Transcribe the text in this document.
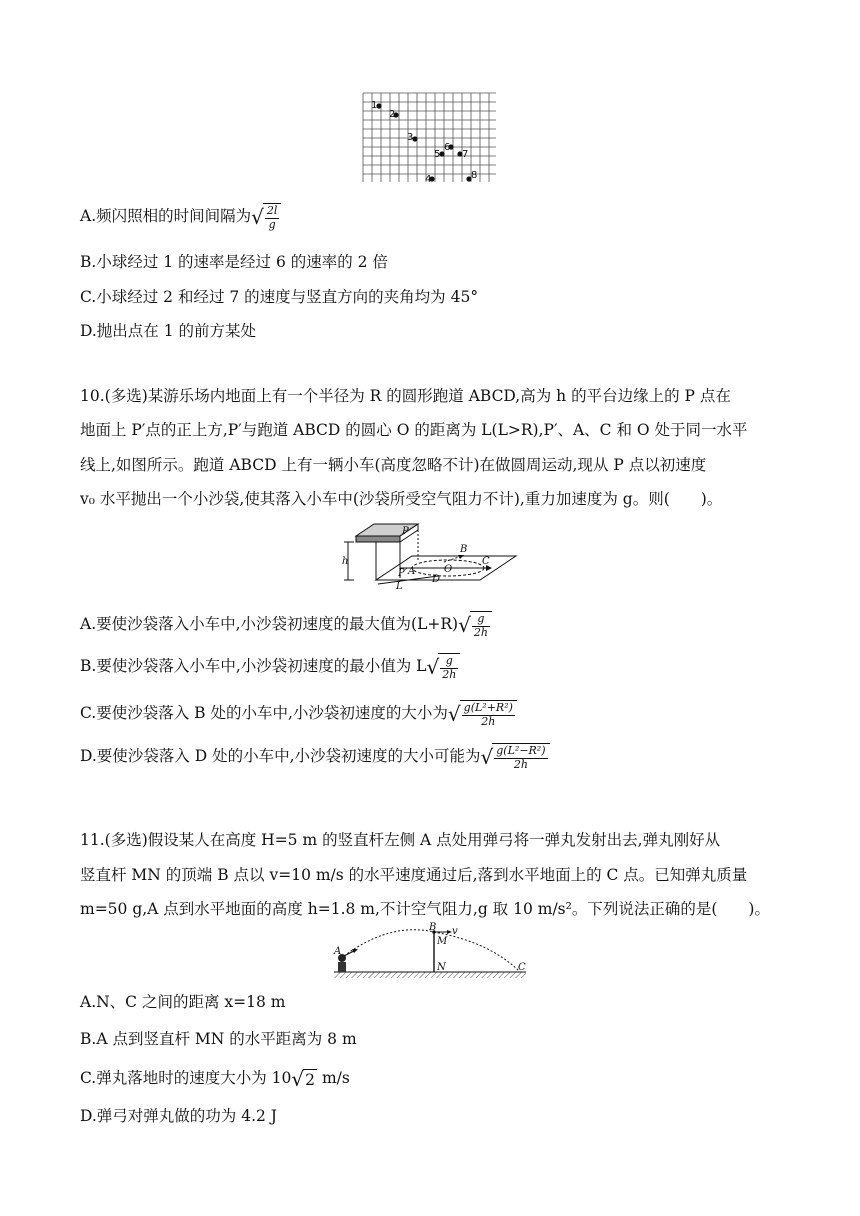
1
2
3
4
5
6
7
8
A.频闪照相的时间间隔为 √ $\frac{2l}{g}$
B.小球经过 1 的速率是经过 6 的速率的 2 倍
C.小球经过 2 和经过 7 的速度与竖直方向的夹角均为 45°
D.抛出点在 1 的前方某处
10.(多选)某游乐场内地面上有一个半径为 R 的圆形跑道 ABCD,高为 h 的平台边缘上的 P 点在
地面上 P′点的正上方,P′与跑道 ABCD 的圆心 O 的距离为 L(L>R),P′、A、C 和 O 处于同一水平
线上,如图所示。跑道 ABCD 上有一辆小车(高度忽略不计)在做圆周运动,现从 P 点以初速度
v₀ 水平抛出一个小沙袋,使其落入小车中(沙袋所受空气阻力不计),重力加速度为 g。则(　　)。
P
h
A
B
C
D
O
L
P′
A.要使沙袋落入小车中,小沙袋初速度的最大值为(L+R) √ $\frac{g}{2h}$
B.要使沙袋落入小车中,小沙袋初速度的最小值为 L √ $\frac{g}{2h}$
C.要使沙袋落入 B 处的小车中,小沙袋初速度的大小为 √ $\frac{\text{g(L²+R²)}}{2h}$
D.要使沙袋落入 D 处的小车中,小沙袋初速度的大小可能为 √ $\frac{\text{g(L²−R²)}}{2h}$
11.(多选)假设某人在高度 H=5 m 的竖直杆左侧 A 点处用弹弓将一弹丸发射出去,弹丸刚好从
竖直杆 MN 的顶端 B 点以 v=10 m/s 的水平速度通过后,落到水平地面上的 C 点。已知弹丸质量
m=50 g,A 点到水平地面的高度 h=1.8 m,不计空气阻力,g 取 10 m/s²。下列说法正确的是(　　)。
A
B v
M
N	C
A.N、C 之间的距离 x=18 m
B.A 点到竖直杆 MN 的水平距离为 8 m
C.弹丸落地时的速度大小为 10 √ 2 m/s
D.弹弓对弹丸做的功为 4.2 J
